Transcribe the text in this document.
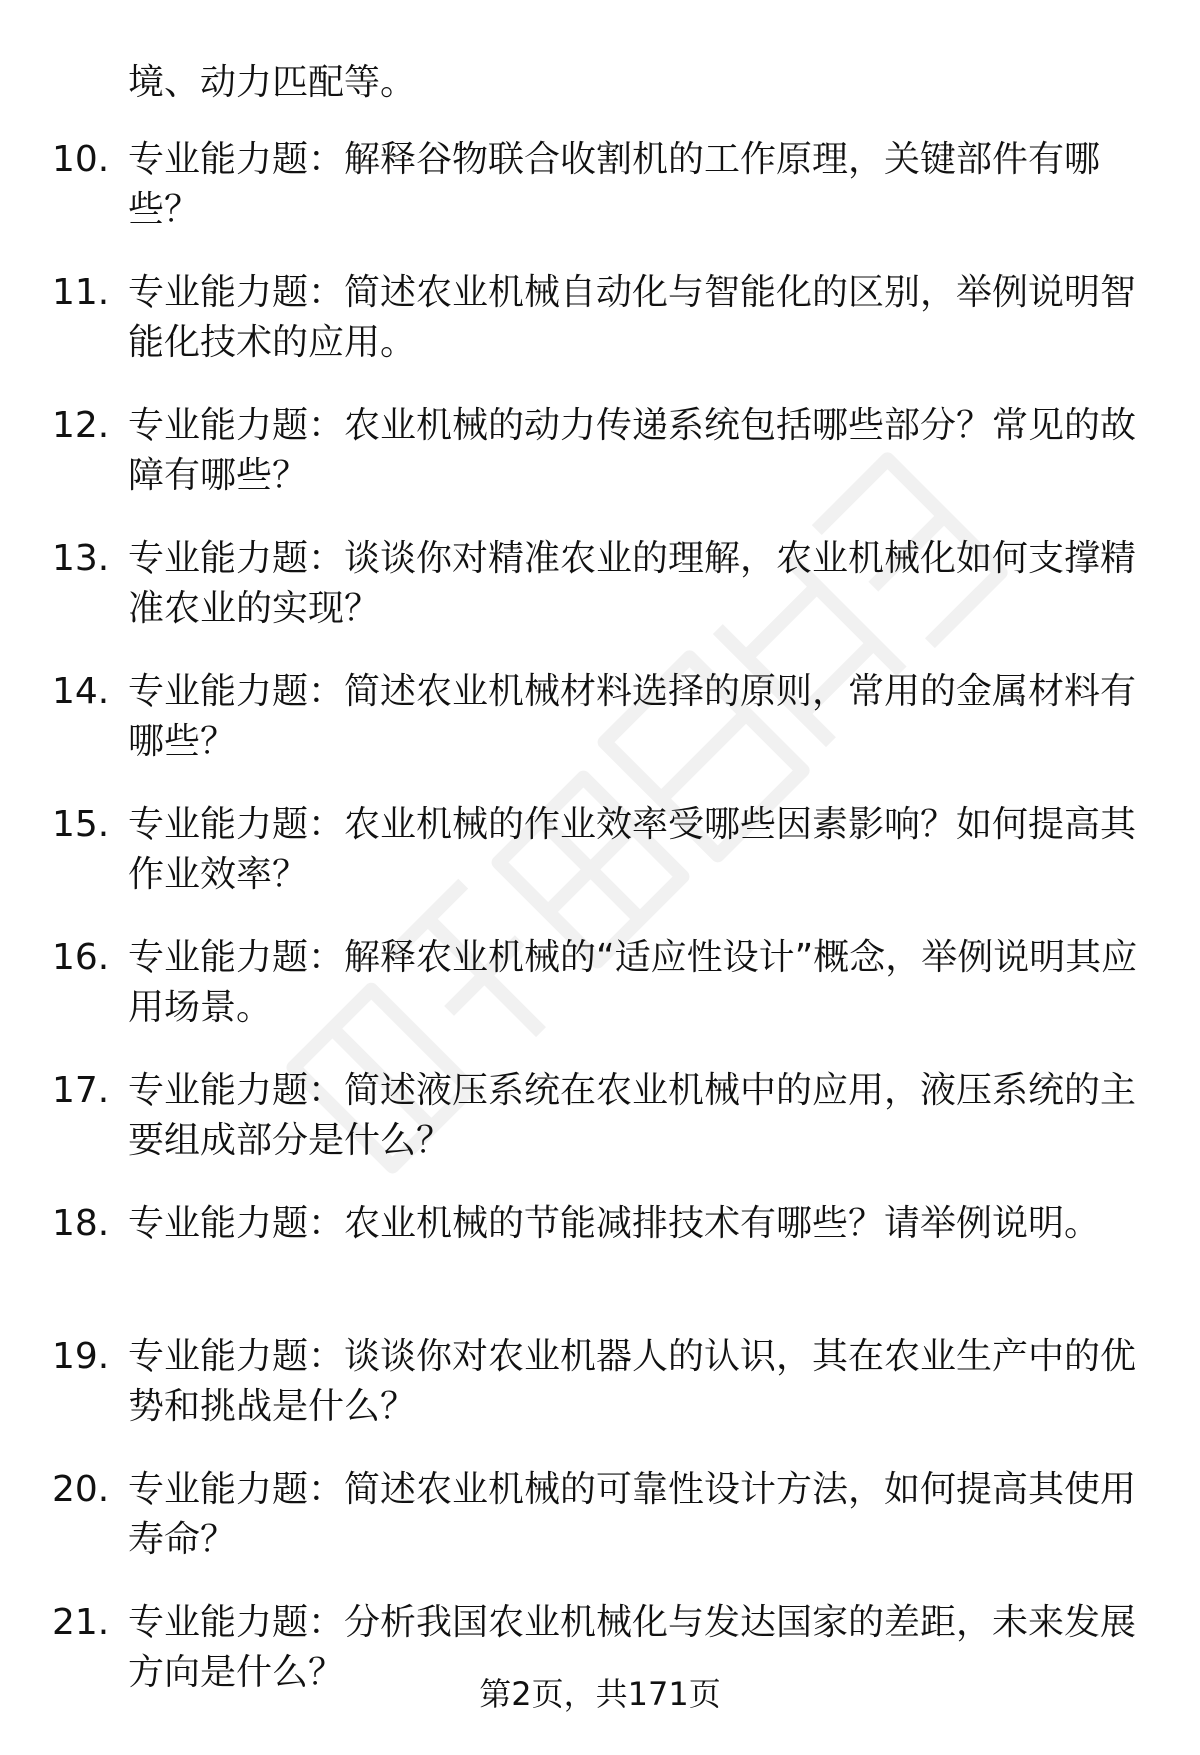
境、动力匹配等。
10. 专业能力题：解释谷物联合收割机的工作原理，关键部件有哪些？
11. 专业能力题：简述农业机械自动化与智能化的区别，举例说明智能化技术的应用。
12. 专业能力题：农业机械的动力传递系统包括哪些部分？常见的故障有哪些？
13. 专业能力题：谈谈你对精准农业的理解，农业机械化如何支撑精准农业的实现？
14. 专业能力题：简述农业机械材料选择的原则，常用的金属材料有哪些？
15. 专业能力题：农业机械的作业效率受哪些因素影响？如何提高其作业效率？
16. 专业能力题：解释农业机械的“适应性设计”概念，举例说明其应用场景。
17. 专业能力题：简述液压系统在农业机械中的应用，液压系统的主要组成部分是什么？
18. 专业能力题：农业机械的节能减排技术有哪些？请举例说明。
19. 专业能力题：谈谈你对农业机器人的认识，其在农业生产中的优势和挑战是什么？
20. 专业能力题：简述农业机械的可靠性设计方法，如何提高其使用寿命？
21. 专业能力题：分析我国农业机械化与发达国家的差距，未来发展方向是什么？
第2页，共171页
